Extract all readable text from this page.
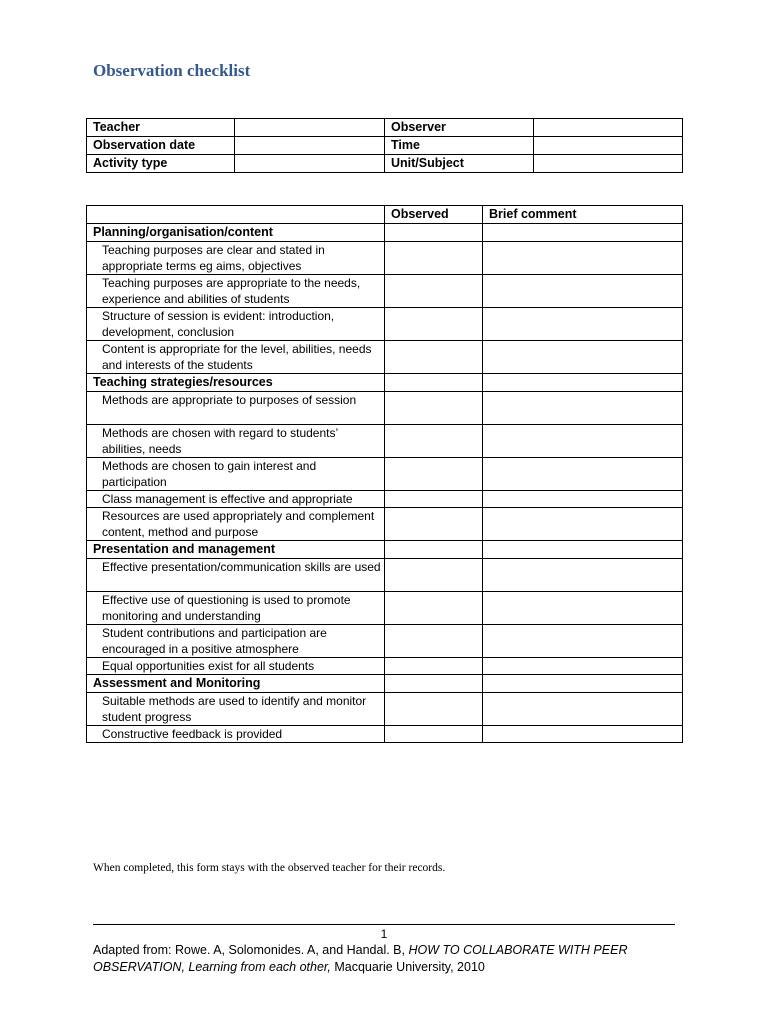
Observation checklist
Teacher		Observer	
Observation date		Time	
Activity type		Unit/Subject	
	Observed	Brief comment
Planning/organisation/content		
Teaching purposes are clear and stated in appropriate terms eg aims, objectives		
Teaching purposes are appropriate to the needs, experience and abilities of students		
Structure of session is evident: introduction, development, conclusion		
Content is appropriate for the level, abilities, needs and interests of the students		
Teaching strategies/resources		
Methods are appropriate to purposes of session		
Methods are chosen with regard to students’ abilities, needs		
Methods are chosen to gain interest and participation		
Class management is effective and appropriate		
Resources are used appropriately and complement content, method and purpose		
Presentation and management		
Effective presentation/communication skills are used		
Effective use of questioning is used to promote monitoring and understanding		
Student contributions and participation are encouraged in a positive atmosphere		
Equal opportunities exist for all students		
Assessment and Monitoring		
Suitable methods are used to identify and monitor student progress		
Constructive feedback is provided		
When completed, this form stays with the observed teacher for their records.
1
Adapted from: Rowe. A, Solomonides. A, and Handal. B, HOW TO COLLABORATE WITH PEER OBSERVATION, Learning from each other, Macquarie University, 2010
